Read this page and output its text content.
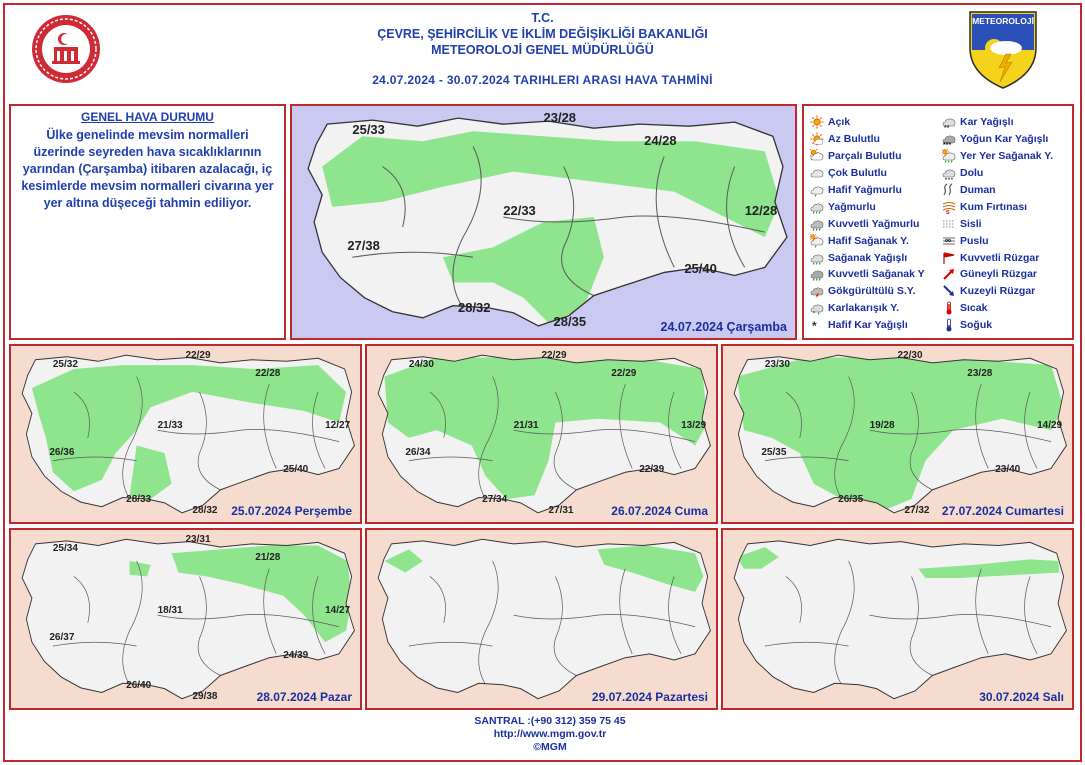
METEOROLOJİ
T.C.
ÇEVRE, ŞEHİRCİLİK VE İKLİM DEĞİŞİKLİĞİ BAKANLIĞI
METEOROLOJİ GENEL MÜDÜRLÜĞÜ
24.07.2024 - 30.07.2024 TARIHLERI ARASI HAVA TAHMİNİ
GENEL HAVA DURUMU
Ülke genelinde mevsim normalleri üzerinde seyreden hava sıcaklıklarının yarından (Çarşamba) itibaren azalacağı, iç kesimlerde mevsim normalleri civarına yer yer altına düşeceği tahmin ediliyor.
Açık
Az Bulutlu
Parçalı Bulutlu
Çok Bulutlu
Hafif Yağmurlu
Yağmurlu
Kuvvetli Yağmurlu
Hafif Sağanak Y.
Sağanak Yağışlı
Kuvvetli Sağanak Y
Gökgürültülü S.Y.
* Karlakarışık Y.
* Hafif Kar Yağışlı
**
Kar Yağışlı
***
Yoğun Kar Yağışlı
Yer Yer Sağanak Y.
Dolu
Duman
S Kum Fırtınası
Sisli
oo Puslu
Kuvvetli Rüzgar
Güneyli Rüzgar
Kuzeyli Rüzgar
Sıcak
Soğuk
25/33
23/28
24/28
22/33	12/28
27/38
25/40
28/32
28/35	24.07.2024 Çarşamba
25/32
22/29
22/28
21/33	12/27
26/36
25/40
28/33
28/32 25.07.2024 Perşembe
24/30
22/29
22/29
21/31	13/29
26/34
22/39
27/34
27/31	26.07.2024 Cuma
23/30
22/30
23/28
19/28	14/29
25/35
23/40
26/35
27/32 27.07.2024 Cumartesi
25/34
23/31
21/28
18/31	14/27
26/37
24/39
26/40
29/38	28.07.2024 Pazar	29.07.2024 Pazartesi	30.07.2024 Salı
SANTRAL :(+90 312) 359 75 45
http://www.mgm.gov.tr
©MGM
